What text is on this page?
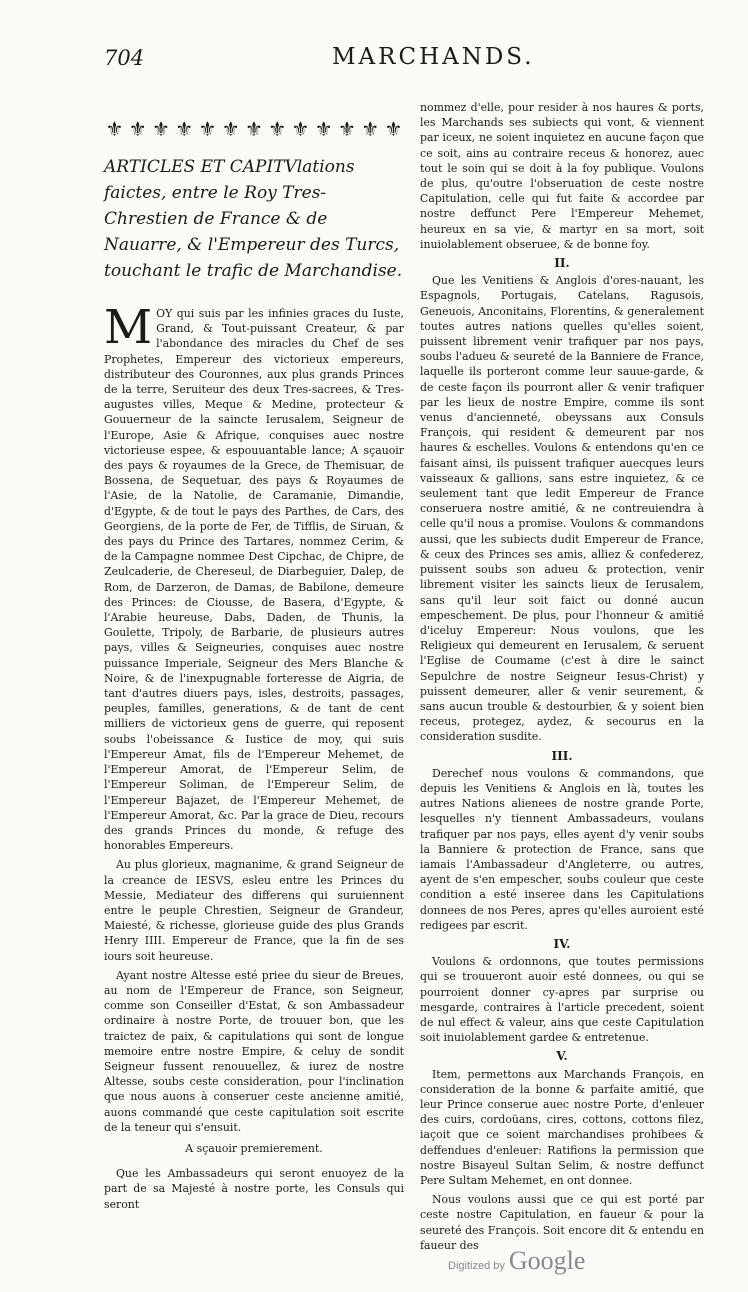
704	MARCHANDS.
⚜ ⚜ ⚜ ⚜ ⚜ ⚜ ⚜ ⚜ ⚜ ⚜ ⚜ ⚜ ⚜
ARTICLES ET CAPITVlations faictes, entre le Roy Tres-Chrestien de France & de Nauarre, & l'Empereur des Turcs, touchant le trafic de Marchandise.

MOY qui suis par les infinies graces du Iuste, Grand, & Tout-puissant Createur, & par l'abondance des miracles du Chef de ses Prophetes, Empereur des victorieux empereurs, distributeur des Couronnes, aux plus grands Princes de la terre, Seruiteur des deux Tres-sacrees, & Tres-augustes villes, Meque & Medine, protecteur & Gouuerneur de la saincte Ierusalem, Seigneur de l'Europe, Asie & Afrique, conquises auec nostre victorieuse espee, & espouuantable lance; A sçauoir des pays & royaumes de la Grece, de Themisuar, de Bossena, de Sequetuar, des pays & Royaumes de l'Asie, de la Natolie, de Caramanie, Dimandie, d'Egypte, & de tout le pays des Parthes, de Cars, des Georgiens, de la porte de Fer, de Tifflis, de Siruan, & des pays du Prince des Tartares, nommez Cerim, & de la Campagne nommee Dest Cipchac, de Chipre, de Zeulcaderie, de Chereseul, de Diarbeguier, Dalep, de Rom, de Darzeron, de Damas, de Babilone, demeure des Princes: de Ciousse, de Basera, d'Egypte, & l'Arabie heureuse, Dabs, Daden, de Thunis, la Goulette, Tripoly, de Barbarie, de plusieurs autres pays, villes & Seigneuries, conquises auec nostre puissance Imperiale, Seigneur des Mers Blanche & Noire, & de l'inexpugnable forteresse de Aigria, de tant d'autres diuers pays, isles, destroits, passages, peuples, familles, generations, & de tant de cent milliers de victorieux gens de guerre, qui reposent soubs l'obeissance & Iustice de moy, qui suis l'Empereur Amat, fils de l'Empereur Mehemet, de l'Empereur Amorat, de l'Empereur Selim, de l'Empereur Soliman, de l'Empereur Selim, de l'Empereur Bajazet, de l'Empereur Mehemet, de l'Empereur Amorat, &c. Par la grace de Dieu, recours des grands Princes du monde, & refuge des honorables Empereurs.

Au plus glorieux, magnanime, & grand Seigneur de la creance de IESVS, esleu entre les Princes du Messie, Mediateur des differens qui suruiennent entre le peuple Chrestien, Seigneur de Grandeur, Maiesté, & richesse, glorieuse guide des plus Grands Henry IIII. Empereur de France, que la fin de ses iours soit heureuse.

Ayant nostre Altesse esté priee du sieur de Breues, au nom de l'Empereur de France, son Seigneur, comme son Conseiller d'Estat, & son Ambassadeur ordinaire à nostre Porte, de trouuer bon, que les traictez de paix, & capitulations qui sont de longue memoire entre nostre Empire, & celuy de sondit Seigneur fussent renouuellez, & iurez de nostre Altesse, soubs ceste consideration, pour l'inclination que nous auons à conseruer ceste ancienne amitié, auons commandé que ceste capitulation soit escrite de la teneur qui s'ensuit.

A sçauoir premierement.

Que les Ambassadeurs qui seront enuoyez de la part de sa Majesté à nostre porte, les Consuls qui seront

nommez d'elle, pour resider à nos haures & ports, les Marchands ses subiects qui vont, & viennent par iceux, ne soient inquietez en aucune façon que ce soit, ains au contraire receus & honorez, auec tout le soin qui se doit à la foy publique. Voulons de plus, qu'outre l'obseruation de ceste nostre Capitulation, celle qui fut faite & accordee par nostre deffunct Pere l'Empereur Mehemet, heureux en sa vie, & martyr en sa mort, soit inuiolablement obseruee, & de bonne foy.

II.

Que les Venitiens & Anglois d'ores-nauant, les Espagnols, Portugais, Catelans, Ragusois, Geneuois, Anconitains, Florentins, & generalement toutes autres nations quelles qu'elles soient, puissent librement venir trafiquer par nos pays, soubs l'adueu & seureté de la Banniere de France, laquelle ils porteront comme leur sauue-garde, & de ceste façon ils pourront aller & venir trafiquer par les lieux de nostre Empire, comme ils sont venus d'ancienneté, obeyssans aux Consuls François, qui resident & demeurent par nos haures & eschelles. Voulons & entendons qu'en ce faisant ainsi, ils puissent trafiquer auecques leurs vaisseaux & gallions, sans estre inquietez, & ce seulement tant que ledit Empereur de France conseruera nostre amitié, & ne contreuiendra à celle qu'il nous a promise. Voulons & commandons aussi, que les subiects dudit Empereur de France, & ceux des Princes ses amis, alliez & confederez, puissent soubs son adueu & protection, venir librement visiter les saincts lieux de Ierusalem, sans qu'il leur soit faict ou donné aucun empeschement. De plus, pour l'honneur & amitié d'iceluy Empereur: Nous voulons, que les Religieux qui demeurent en Ierusalem, & seruent l'Eglise de Coumame (c'est à dire le sainct Sepulchre de nostre Seigneur Iesus-Christ) y puissent demeurer, aller & venir seurement, & sans aucun trouble & destourbier, & y soient bien receus, protegez, aydez, & secourus en la consideration susdite.

III.

Derechef nous voulons & commandons, que depuis les Venitiens & Anglois en là, toutes les autres Nations alienees de nostre grande Porte, lesquelles n'y tiennent Ambassadeurs, voulans trafiquer par nos pays, elles ayent d'y venir soubs la Banniere & protection de France, sans que iamais l'Ambassadeur d'Angleterre, ou autres, ayent de s'en empescher, soubs couleur que ceste condition a esté inseree dans les Capitulations donnees de nos Peres, apres qu'elles auroient esté redigees par escrit.

IV.

Voulons & ordonnons, que toutes permissions qui se trouueront auoir esté donnees, ou qui se pourroient donner cy-apres par surprise ou mesgarde, contraires à l'article precedent, soient de nul effect & valeur, ains que ceste Capitulation soit inuiolablement gardee & entretenue.

V.

Item, permettons aux Marchands François, en consideration de la bonne & parfaite amitié, que leur Prince conserue auec nostre Porte, d'enleuer des cuirs, cordoüans, cires, cottons, cottons filez, iaçoit que ce soient marchandises prohibees & deffendues d'enleuer: Ratifions la permission que nostre Bisayeul Sultan Selim, & nostre deffunct Pere Sultam Mehemet, en ont donnee.

Nous voulons aussi que ce qui est porté par ceste nostre Capitulation, en faueur & pour la seureté des François. Soit encore dit & entendu en faueur des

Digitized by Google
